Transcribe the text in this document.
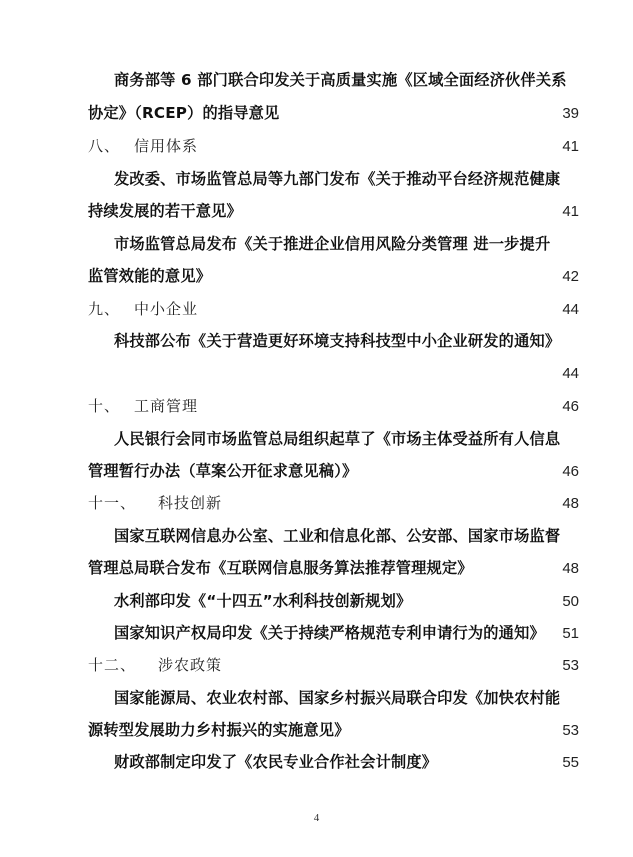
商务部等 6 部门联合印发关于高质量实施《区域全面经济伙伴关系
协定》（RCEP）的指导意见	39
八、 信用体系	41
发改委、市场监管总局等九部门发布《关于推动平台经济规范健康
持续发展的若干意见》	41
市场监管总局发布《关于推进企业信用风险分类管理 进一步提升
监管效能的意见》	42
九、 中小企业	44
科技部公布《关于营造更好环境支持科技型中小企业研发的通知》
44
十、 工商管理	46
人民银行会同市场监管总局组织起草了《市场主体受益所有人信息
管理暂行办法（草案公开征求意见稿）》	46
十一、 科技创新	48
国家互联网信息办公室、工业和信息化部、公安部、国家市场监督
管理总局联合发布《互联网信息服务算法推荐管理规定》	48
水利部印发《“十四五”水利科技创新规划》	50
国家知识产权局印发《关于持续严格规范专利申请行为的通知》	51
十二、 涉农政策	53
国家能源局、农业农村部、国家乡村振兴局联合印发《加快农村能
源转型发展助力乡村振兴的实施意见》	53
财政部制定印发了《农民专业合作社会计制度》	55
4
